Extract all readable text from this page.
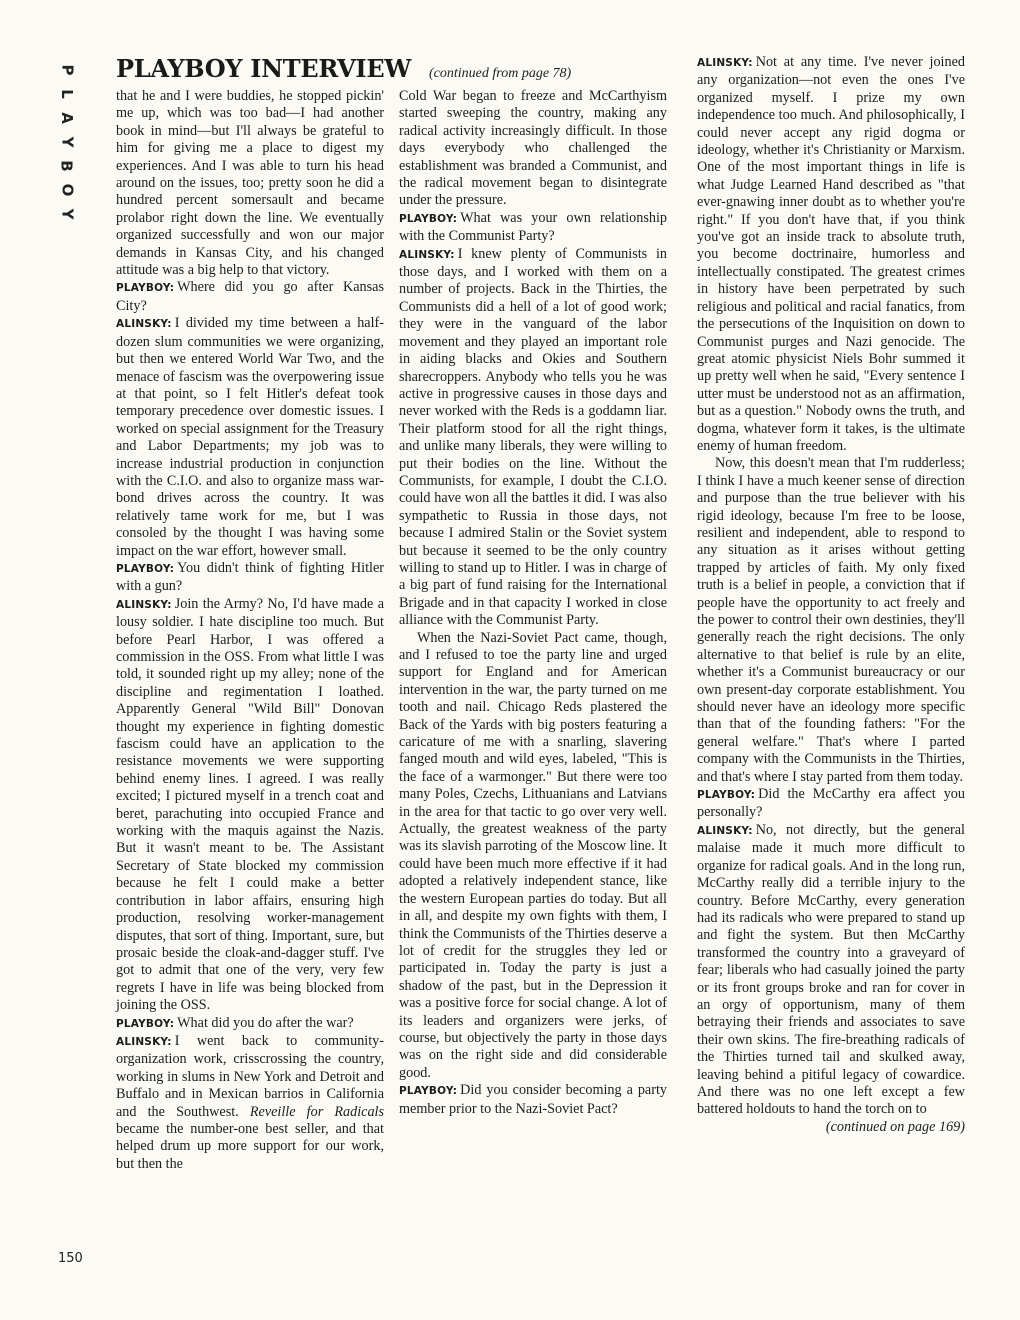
P
L
A
Y
B
O
Y
PLAYBOY INTERVIEW (continued from page 78)

that he and I were buddies, he stopped pickin' me up, which was too bad—I had another book in mind—but I'll always be grateful to him for giving me a place to digest my experiences. And I was able to turn his head around on the issues, too; pretty soon he did a hundred percent somersault and became prolabor right down the line. We eventually organized successfully and won our major demands in Kansas City, and his changed attitude was a big help to that victory.

PLAYBOY: Where did you go after Kansas City?

ALINSKY: I divided my time between a half-dozen slum communities we were organizing, but then we entered World War Two, and the menace of fascism was the overpowering issue at that point, so I felt Hitler's defeat took temporary precedence over domestic issues. I worked on special assignment for the Treasury and Labor Departments; my job was to increase industrial production in conjunction with the C.I.O. and also to organize mass war-bond drives across the country. It was relatively tame work for me, but I was consoled by the thought I was having some impact on the war effort, however small.

PLAYBOY: You didn't think of fighting Hitler with a gun?

ALINSKY: Join the Army? No, I'd have made a lousy soldier. I hate discipline too much. But before Pearl Harbor, I was offered a commission in the OSS. From what little I was told, it sounded right up my alley; none of the discipline and regimentation I loathed. Apparently General "Wild Bill" Donovan thought my experience in fighting domestic fascism could have an application to the resistance movements we were supporting behind enemy lines. I agreed. I was really excited; I pictured myself in a trench coat and beret, parachuting into occupied France and working with the maquis against the Nazis. But it wasn't meant to be. The Assistant Secretary of State blocked my commission because he felt I could make a better contribution in labor affairs, ensuring high production, resolving worker-management disputes, that sort of thing. Important, sure, but prosaic beside the cloak-and-dagger stuff. I've got to admit that one of the very, very few regrets I have in life was being blocked from joining the OSS.

PLAYBOY: What did you do after the war?

ALINSKY: I went back to community-organization work, crisscrossing the country, working in slums in New York and Detroit and Buffalo and in Mexican barrios in California and the Southwest. Reveille for Radicals became the number-one best seller, and that helped drum up more support for our work, but then the

Cold War began to freeze and McCarthyism started sweeping the country, making any radical activity increasingly difficult. In those days everybody who challenged the establishment was branded a Communist, and the radical movement began to disintegrate under the pressure.

PLAYBOY: What was your own relationship with the Communist Party?

ALINSKY: I knew plenty of Communists in those days, and I worked with them on a number of projects. Back in the Thirties, the Communists did a hell of a lot of good work; they were in the vanguard of the labor movement and they played an important role in aiding blacks and Okies and Southern sharecroppers. Anybody who tells you he was active in progressive causes in those days and never worked with the Reds is a goddamn liar. Their platform stood for all the right things, and unlike many liberals, they were willing to put their bodies on the line. Without the Communists, for example, I doubt the C.I.O. could have won all the battles it did. I was also sympathetic to Russia in those days, not because I admired Stalin or the Soviet system but because it seemed to be the only country willing to stand up to Hitler. I was in charge of a big part of fund raising for the International Brigade and in that capacity I worked in close alliance with the Communist Party.

When the Nazi-Soviet Pact came, though, and I refused to toe the party line and urged support for England and for American intervention in the war, the party turned on me tooth and nail. Chicago Reds plastered the Back of the Yards with big posters featuring a caricature of me with a snarling, slavering fanged mouth and wild eyes, labeled, "This is the face of a warmonger." But there were too many Poles, Czechs, Lithuanians and Latvians in the area for that tactic to go over very well. Actually, the greatest weakness of the party was its slavish parroting of the Moscow line. It could have been much more effective if it had adopted a relatively independent stance, like the western European parties do today. But all in all, and despite my own fights with them, I think the Communists of the Thirties deserve a lot of credit for the struggles they led or participated in. Today the party is just a shadow of the past, but in the Depression it was a positive force for social change. A lot of its leaders and organizers were jerks, of course, but objectively the party in those days was on the right side and did considerable good.

PLAYBOY: Did you consider becoming a party member prior to the Nazi-Soviet Pact?

ALINSKY: Not at any time. I've never joined any organization—not even the ones I've organized myself. I prize my own independence too much. And philosophically, I could never accept any rigid dogma or ideology, whether it's Christianity or Marxism. One of the most important things in life is what Judge Learned Hand described as "that ever-gnawing inner doubt as to whether you're right." If you don't have that, if you think you've got an inside track to absolute truth, you become doctrinaire, humorless and intellectually constipated. The greatest crimes in history have been perpetrated by such religious and political and racial fanatics, from the persecutions of the Inquisition on down to Communist purges and Nazi genocide. The great atomic physicist Niels Bohr summed it up pretty well when he said, "Every sentence I utter must be understood not as an affirmation, but as a question." Nobody owns the truth, and dogma, whatever form it takes, is the ultimate enemy of human freedom.

Now, this doesn't mean that I'm rudderless; I think I have a much keener sense of direction and purpose than the true believer with his rigid ideology, because I'm free to be loose, resilient and independent, able to respond to any situation as it arises without getting trapped by articles of faith. My only fixed truth is a belief in people, a conviction that if people have the opportunity to act freely and the power to control their own destinies, they'll generally reach the right decisions. The only alternative to that belief is rule by an elite, whether it's a Communist bureaucracy or our own present-day corporate establishment. You should never have an ideology more specific than that of the founding fathers: "For the general welfare." That's where I parted company with the Communists in the Thirties, and that's where I stay parted from them today.

PLAYBOY: Did the McCarthy era affect you personally?

ALINSKY: No, not directly, but the general malaise made it much more difficult to organize for radical goals. And in the long run, McCarthy really did a terrible injury to the country. Before McCarthy, every generation had its radicals who were prepared to stand up and fight the system. But then McCarthy transformed the country into a graveyard of fear; liberals who had casually joined the party or its front groups broke and ran for cover in an orgy of opportunism, many of them betraying their friends and associates to save their own skins. The fire-breathing radicals of the Thirties turned tail and skulked away, leaving behind a pitiful legacy of cowardice. And there was no one left except a few battered holdouts to hand the torch on to

(continued on page 169)

150
